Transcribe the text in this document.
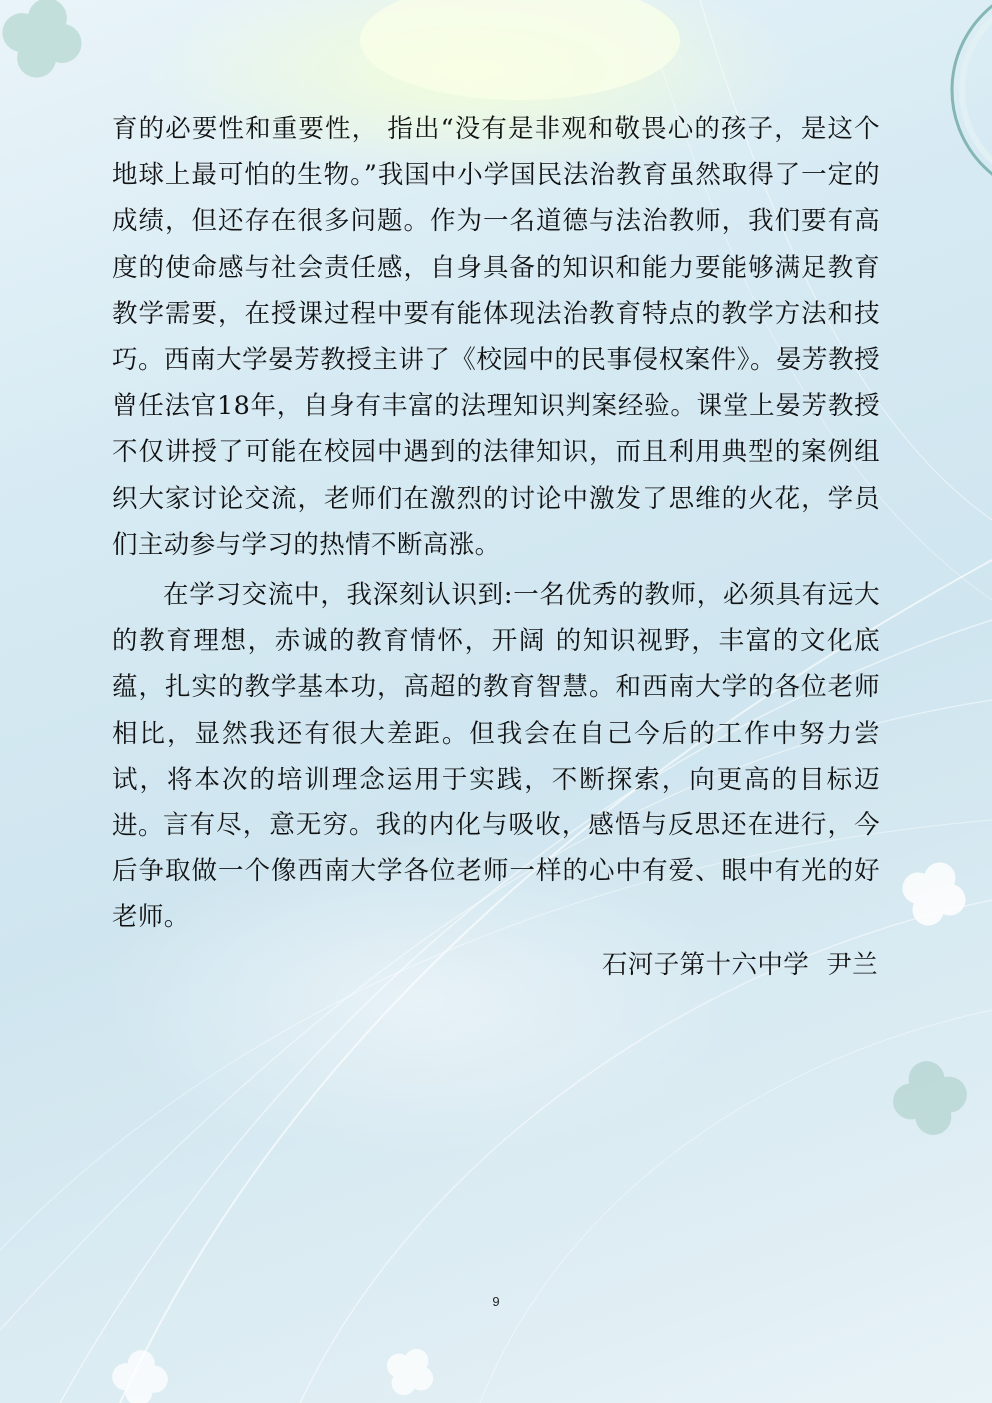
育的必要性和重要性， 指出“没有是非观和敬畏心的孩子，是这个地球上最可怕的生物。”我国中小学国民法治教育虽然取得了一定的成绩，但还存在很多问题。作为一名道德与法治教师，我们要有高度的使命感与社会责任感，自身具备的知识和能力要能够满足教育教学需要，在授课过程中要有能体现法治教育特点的教学方法和技巧。西南大学晏芳教授主讲了《校园中的民事侵权案件》。晏芳教授曾任法官18年，自身有丰富的法理知识判案经验。课堂上晏芳教授不仅讲授了可能在校园中遇到的法律知识，而且利用典型的案例组织大家讨论交流，老师们在激烈的讨论中激发了思维的火花，学员们主动参与学习的热情不断高涨。

在学习交流中，我深刻认识到:一名优秀的教师，必须具有远大的教育理想，赤诚的教育情怀，开阔 的知识视野，丰富的文化底蕴，扎实的教学基本功，高超的教育智慧。和西南大学的各位老师相比，显然我还有很大差距。但我会在自己今后的工作中努力尝试，将本次的培训理念运用于实践，不断探索，向更高的目标迈进。 言有尽，意无穷。我的内化与吸收，感悟与反思还在进行，今后争取做一个像西南大学各位老师一样的心中有爱、眼中有光的好老师。

石河子第十六中学  尹兰
9
